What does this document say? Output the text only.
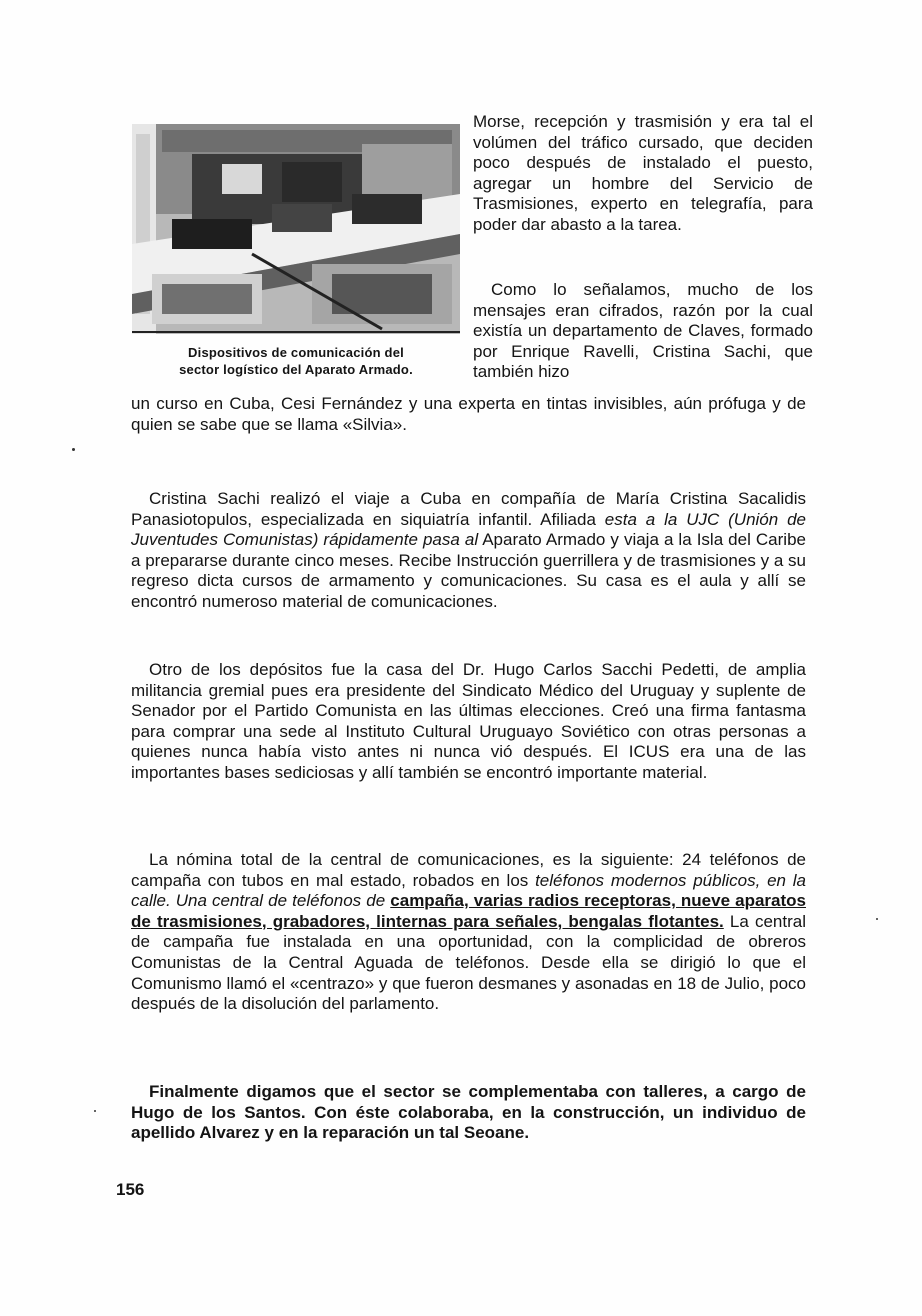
Dispositivos de comunicación del
sector logístico del Aparato Armado.

Morse, recepción y trasmisión y era tal el volúmen del tráfico cursado, que deciden poco después de instalado el puesto, agregar un hombre del Servicio de Trasmisiones, experto en telegrafía, para poder dar abasto a la tarea.

Como lo señalamos, mucho de los mensajes eran cifrados, razón por la cual existía un departamento de Claves, formado por Enrique Ravelli, Cristina Sachi, que también hizo

un curso en Cuba, Cesi Fernández y una experta en tintas invisibles, aún prófuga y de quien se sabe que se llama «Silvia».

Cristina Sachi realizó el viaje a Cuba en compañía de María Cristina Sacalidis Panasiotopulos, especializada en siquiatría infantil. Afiliada esta a la UJC (Unión de Juventudes Comunistas) rápidamente pasa al Aparato Armado y viaja a la Isla del Caribe a prepararse durante cinco meses. Recibe Instrucción guerrillera y de trasmisiones y a su regreso dicta cursos de armamento y comunicaciones. Su casa es el aula y allí se encontró numeroso material de comunicaciones.

Otro de los depósitos fue la casa del Dr. Hugo Carlos Sacchi Pedetti, de amplia militancia gremial pues era presidente del Sindicato Médico del Uruguay y suplente de Senador por el Partido Comunista en las últimas elecciones. Creó una firma fantasma para comprar una sede al Instituto Cultural Uruguayo Soviético con otras personas a quienes nunca había visto antes ni nunca vió después. El ICUS era una de las importantes bases sediciosas y allí también se encontró importante material.

La nómina total de la central de comunicaciones, es la siguiente: 24 teléfonos de campaña con tubos en mal estado, robados en los teléfonos modernos públicos, en la calle. Una central de teléfonos de campaña, varias radios receptoras, nueve aparatos de trasmisiones, grabadores, linternas para señales, bengalas flotantes. La central de campaña fue instalada en una oportunidad, con la complicidad de obreros Comunistas de la Central Aguada de teléfonos. Desde ella se dirigió lo que el Comunismo llamó el «centrazo» y que fueron desmanes y asonadas en 18 de Julio, poco después de la disolución del parlamento.

Finalmente digamos que el sector se complementaba con talleres, a cargo de Hugo de los Santos. Con éste colaboraba, en la construcción, un individuo de apellido Alvarez y en la reparación un tal Seoane.

156
